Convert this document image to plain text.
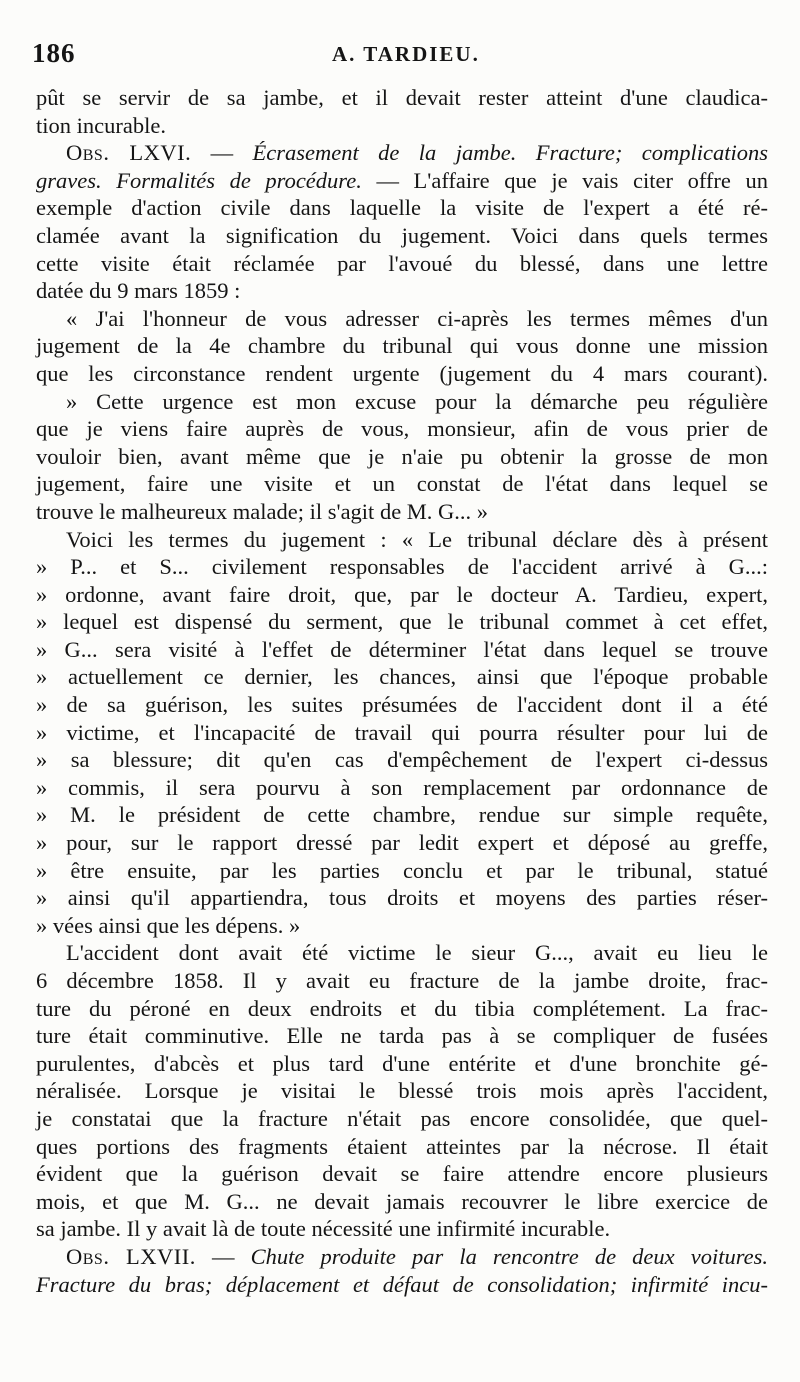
186	A. TARDIEU.
pût se servir de sa jambe, et il devait rester atteint d'une claudica-
tion incurable.
Obs. LXVI. — Écrasement de la jambe. Fracture; complications
graves. Formalités de procédure. — L'affaire que je vais citer offre un
exemple d'action civile dans laquelle la visite de l'expert a été ré-
clamée avant la signification du jugement. Voici dans quels termes
cette visite était réclamée par l'avoué du blessé, dans une lettre
datée du 9 mars 1859 :
« J'ai l'honneur de vous adresser ci-après les termes mêmes d'un
jugement de la 4e chambre du tribunal qui vous donne une mission
que les circonstance rendent urgente (jugement du 4 mars courant).
» Cette urgence est mon excuse pour la démarche peu régulière
que je viens faire auprès de vous, monsieur, afin de vous prier de
vouloir bien, avant même que je n'aie pu obtenir la grosse de mon
jugement, faire une visite et un constat de l'état dans lequel se
trouve le malheureux malade; il s'agit de M. G... »
Voici les termes du jugement : « Le tribunal déclare dès à présent
» P... et S... civilement responsables de l'accident arrivé à G...:
» ordonne, avant faire droit, que, par le docteur A. Tardieu, expert,
» lequel est dispensé du serment, que le tribunal commet à cet effet,
» G... sera visité à l'effet de déterminer l'état dans lequel se trouve
» actuellement ce dernier, les chances, ainsi que l'époque probable
» de sa guérison, les suites présumées de l'accident dont il a été
» victime, et l'incapacité de travail qui pourra résulter pour lui de
» sa blessure; dit qu'en cas d'empêchement de l'expert ci-dessus
» commis, il sera pourvu à son remplacement par ordonnance de
» M. le président de cette chambre, rendue sur simple requête,
» pour, sur le rapport dressé par ledit expert et déposé au greffe,
» être ensuite, par les parties conclu et par le tribunal, statué
» ainsi qu'il appartiendra, tous droits et moyens des parties réser-
» vées ainsi que les dépens. »
L'accident dont avait été victime le sieur G..., avait eu lieu le
6 décembre 1858. Il y avait eu fracture de la jambe droite, frac-
ture du péroné en deux endroits et du tibia complétement. La frac-
ture était comminutive. Elle ne tarda pas à se compliquer de fusées
purulentes, d'abcès et plus tard d'une entérite et d'une bronchite gé-
néralisée. Lorsque je visitai le blessé trois mois après l'accident,
je constatai que la fracture n'était pas encore consolidée, que quel-
ques portions des fragments étaient atteintes par la nécrose. Il était
évident que la guérison devait se faire attendre encore plusieurs
mois, et que M. G... ne devait jamais recouvrer le libre exercice de
sa jambe. Il y avait là de toute nécessité une infirmité incurable.
Obs. LXVII. — Chute produite par la rencontre de deux voitures.
Fracture du bras; déplacement et défaut de consolidation; infirmité incu-
